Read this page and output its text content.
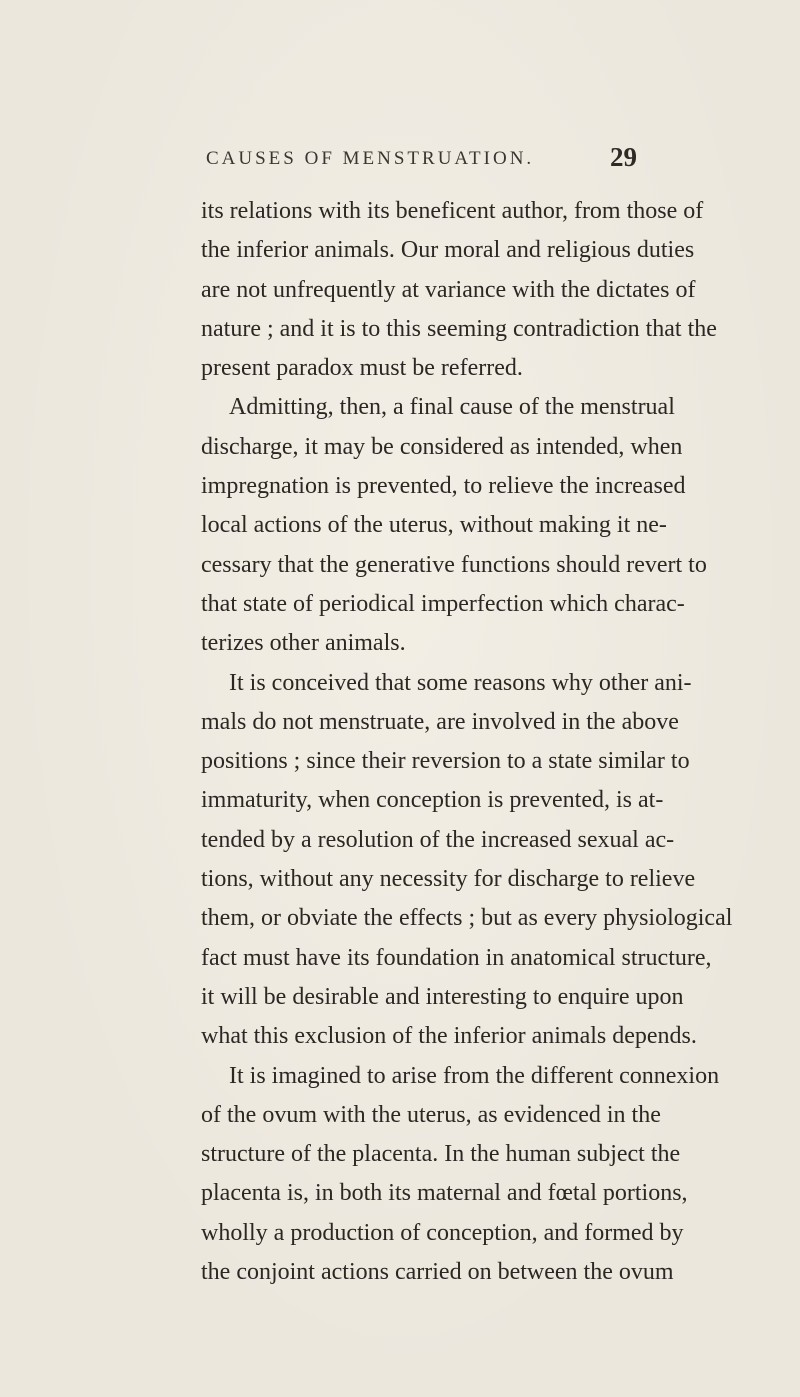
CAUSES OF MENSTRUATION.	29
its relations with its beneficent author, from those of
the inferior animals. Our moral and religious duties
are not unfrequently at variance with the dictates of
nature ; and it is to this seeming contradiction that the
present paradox must be referred.
Admitting, then, a final cause of the menstrual
discharge, it may be considered as intended, when
impregnation is prevented, to relieve the increased
local actions of the uterus, without making it ne-
cessary that the generative functions should revert to
that state of periodical imperfection which charac-
terizes other animals.
It is conceived that some reasons why other ani-
mals do not menstruate, are involved in the above
positions ; since their reversion to a state similar to
immaturity, when conception is prevented, is at-
tended by a resolution of the increased sexual ac-
tions, without any necessity for discharge to relieve
them, or obviate the effects ; but as every physiological
fact must have its foundation in anatomical structure,
it will be desirable and interesting to enquire upon
what this exclusion of the inferior animals depends.
It is imagined to arise from the different connexion
of the ovum with the uterus, as evidenced in the
structure of the placenta. In the human subject the
placenta is, in both its maternal and fœtal portions,
wholly a production of conception, and formed by
the conjoint actions carried on between the ovum
